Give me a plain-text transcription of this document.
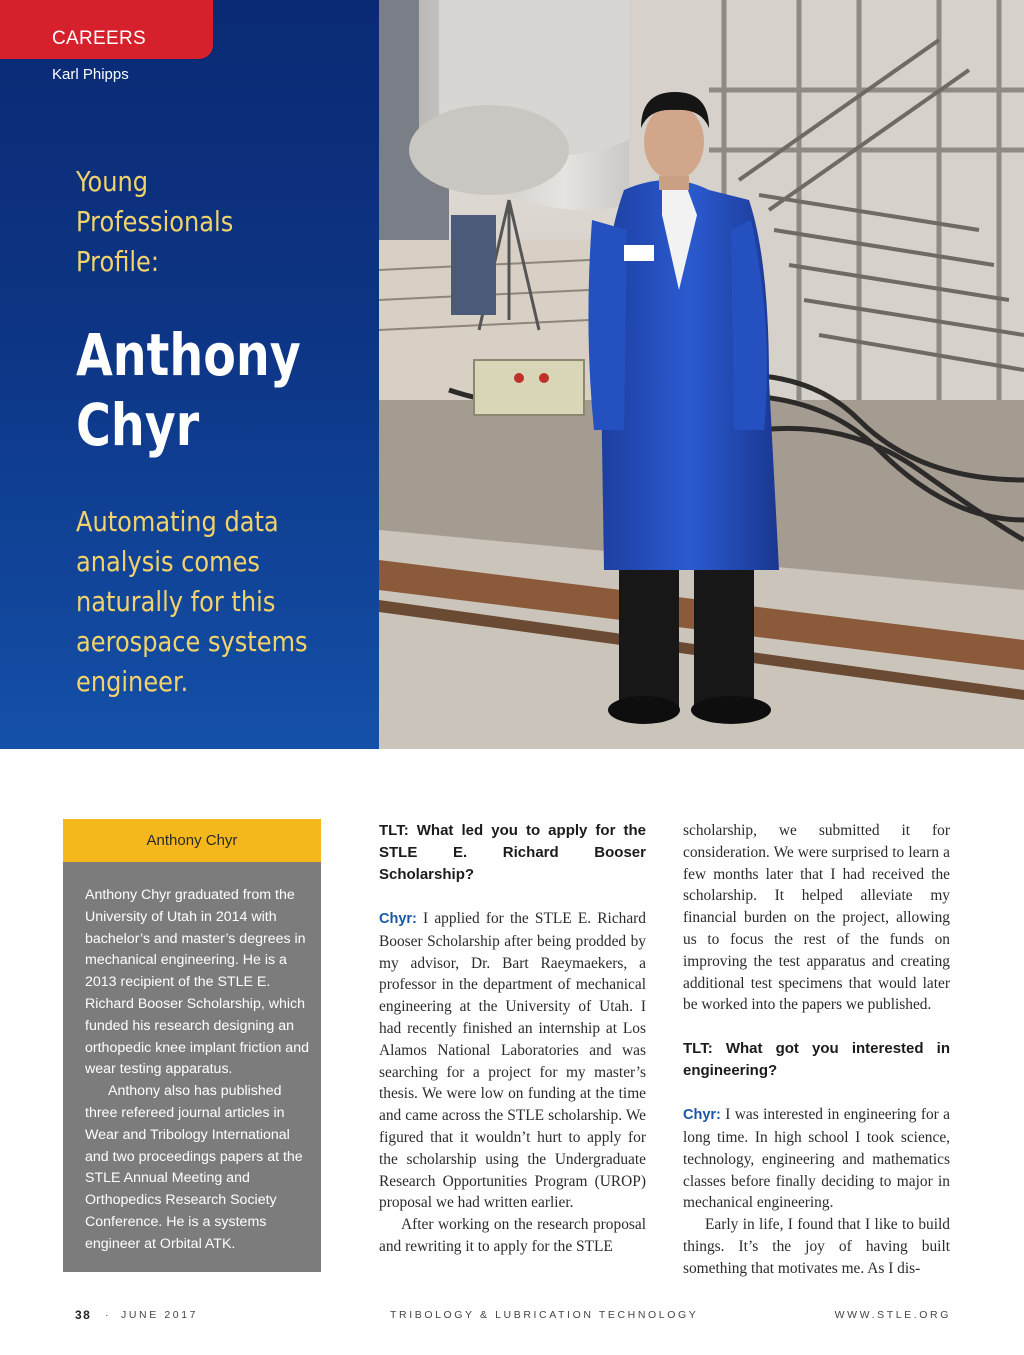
CAREERS
Karl Phipps
Young
Professionals
Profile:
Anthony
Chyr
Automating data
analysis comes
naturally for this
aerospace systems
engineer.
Anthony Chyr

Anthony Chyr graduated from the University of Utah in 2014 with bachelor’s and master’s degrees in mechanical engineering. He is a 2013 recipient of the STLE E. Richard Booser Scholarship, which funded his research designing an orthopedic knee implant friction and wear testing apparatus.

Anthony also has published three refereed journal articles in Wear and Tribology International and two proceedings papers at the STLE Annual Meeting and Orthopedics Research Society Conference. He is a systems engineer at Orbital ATK.

TLT: What led you to apply for the STLE E. Richard Booser Scholarship?

Chyr: I applied for the STLE E. Richard Booser Scholarship after being prodded by my advisor, Dr. Bart Raeymaekers, a professor in the department of mechanical engineering at the University of Utah. I had recently finished an internship at Los Alamos National Laboratories and was searching for a project for my master’s thesis. We were low on funding at the time and came across the STLE scholarship. We figured that it wouldn’t hurt to apply for the scholarship using the Undergraduate Research Opportunities Program (UROP) proposal we had written earlier.

After working on the research proposal and rewriting it to apply for the STLE

scholarship, we submitted it for consideration. We were surprised to learn a few months later that I had received the scholarship. It helped alleviate my financial burden on the project, allowing us to focus the rest of the funds on improving the test apparatus and creating additional test specimens that would later be worked into the papers we published.

TLT: What got you interested in engineering?

Chyr: I was interested in engineering for a long time. In high school I took science, technology, engineering and mathematics classes before finally deciding to major in mechanical engineering.

Early in life, I found that I like to build things. It’s the joy of having built something that motivates me. As I dis-

38 · JUNE 2017	TRIBOLOGY & LUBRICATION TECHNOLOGY	WWW.STLE.ORG
